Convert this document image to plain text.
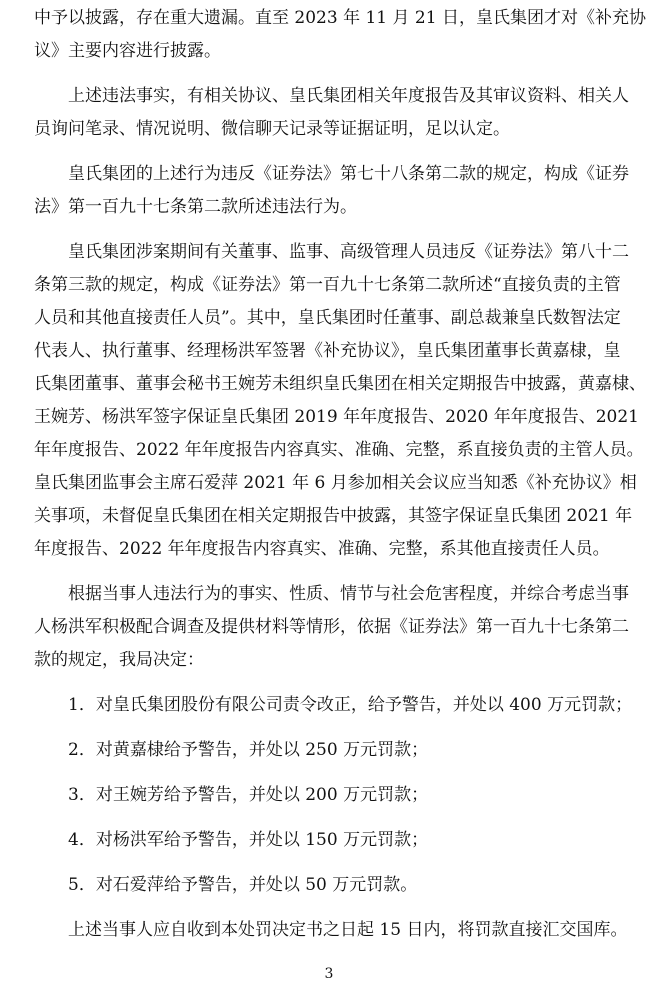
中予以披露，存在重大遗漏。直至 2023 年 11 月 21 日，皇氏集团才对《补充协
议》主要内容进行披露。
上述违法事实，有相关协议、皇氏集团相关年度报告及其审议资料、相关人
员询问笔录、情况说明、微信聊天记录等证据证明，足以认定。
皇氏集团的上述行为违反《证券法》第七十八条第二款的规定，构成《证券
法》第一百九十七条第二款所述违法行为。
皇氏集团涉案期间有关董事、监事、高级管理人员违反《证券法》第八十二
条第三款的规定，构成《证券法》第一百九十七条第二款所述“直接负责的主管
人员和其他直接责任人员”。其中，皇氏集团时任董事、副总裁兼皇氏数智法定
代表人、执行董事、经理杨洪军签署《补充协议》，皇氏集团董事长黄嘉棣，皇
氏集团董事、董事会秘书王婉芳未组织皇氏集团在相关定期报告中披露，黄嘉棣、
王婉芳、杨洪军签字保证皇氏集团 2019 年年度报告、2020 年年度报告、2021
年年度报告、2022 年年度报告内容真实、准确、完整，系直接负责的主管人员。
皇氏集团监事会主席石爱萍 2021 年 6 月参加相关会议应当知悉《补充协议》相
关事项，未督促皇氏集团在相关定期报告中披露，其签字保证皇氏集团 2021 年
年度报告、2022 年年度报告内容真实、准确、完整，系其他直接责任人员。
根据当事人违法行为的事实、性质、情节与社会危害程度，并综合考虑当事
人杨洪军积极配合调查及提供材料等情形，依据《证券法》第一百九十七条第二
款的规定，我局决定：
1．对皇氏集团股份有限公司责令改正，给予警告，并处以 400 万元罚款；
2．对黄嘉棣给予警告，并处以 250 万元罚款；
3．对王婉芳给予警告，并处以 200 万元罚款；
4．对杨洪军给予警告，并处以 150 万元罚款；
5．对石爱萍给予警告，并处以 50 万元罚款。
上述当事人应自收到本处罚决定书之日起 15 日内，将罚款直接汇交国库。
3
